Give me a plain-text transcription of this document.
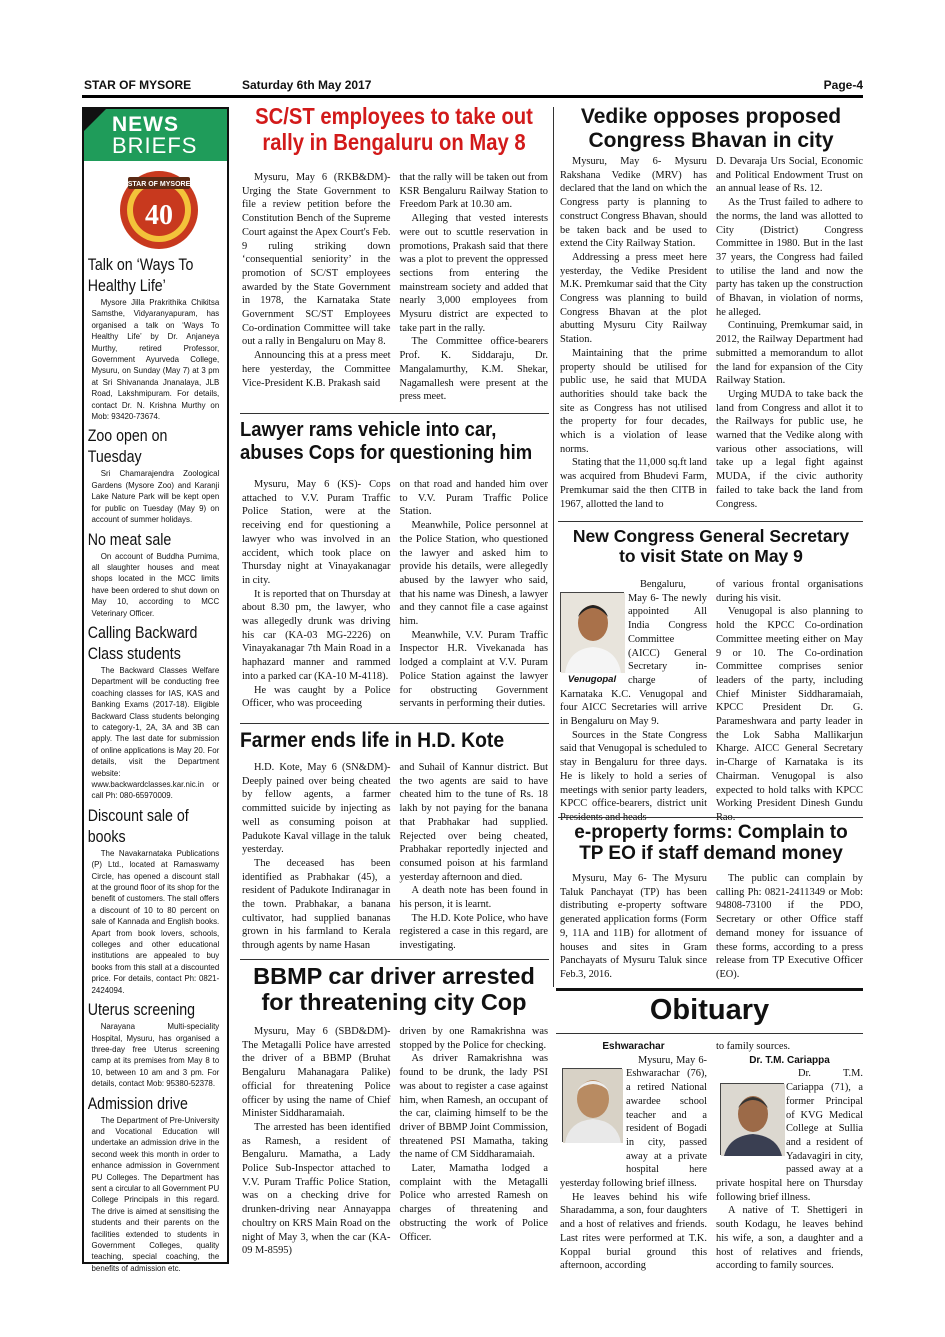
STAR OF MYSORE	Saturday 6th May 2017	Page-4
NEWS
BRIEFS
STAR OF MYSORE
40
Talk on ‘Ways To Healthy Life’
Mysore Jilla Prakrithika Chikitsa Samsthe, Vidyaranyapuram, has organised a talk on ‘Ways To Healthy Life’ by Dr. Anjaneya Murthy, retired Professor, Government Ayurveda College, Mysuru, on Sunday (May 7) at 3 pm at Sri Shivananda Jnanalaya, JLB Road, Lakshmipuram. For details, contact Dr. N. Krishna Murthy on Mob: 93420-73674.
Zoo open on Tuesday
Sri Chamarajendra Zoological Gardens (Mysore Zoo) and Karanji Lake Nature Park will be kept open for public on Tuesday (May 9) on account of summer holidays.
No meat sale
On account of Buddha Purnima, all slaughter houses and meat shops located in the MCC limits have been ordered to shut down on May 10, according to MCC Veterinary Officer.
Calling Backward Class students
The Backward Classes Welfare Department will be conducting free coaching classes for IAS, KAS and Banking Exams (2017-18). Eligible Backward Class students belonging to category-1, 2A, 3A and 3B can apply. The last date for submission of online applications is May 20. For details, visit the Department website: www.backwardclasses.kar.nic.in or call Ph: 080-65970009.
Discount sale of books
The Navakarnataka Publications (P) Ltd., located at Ramaswamy Circle, has opened a discount stall at the ground floor of its shop for the benefit of customers. The stall offers a discount of 10 to 80 percent on sale of Kannada and English books. Apart from book lovers, schools, colleges and other educational institutions are appealed to buy books from this stall at a discounted price. For details, contact Ph: 0821-2424094.
Uterus screening
Narayana Multi-speciality Hospital, Mysuru, has organised a three-day free Uterus screening camp at its premises from May 8 to 10, between 10 am and 3 pm. For details, contact Mob: 95380-52378.
Admission drive
The Department of Pre-University and Vocational Education will undertake an admission drive in the second week this month in order to enhance admission in Government PU Colleges. The Department has sent a circular to all Government PU College Principals in this regard. The drive is aimed at sensitising the students and their parents on the facilities extended to students in Government Colleges, quality teaching, special coaching, the benefits of admission etc.
SC/ST employees to take out
rally in Bengaluru on May 8

Mysuru, May 6 (RKB&DM)- Urging the State Government to file a review petition before the Constitution Bench of the Supreme Court against the Apex Court's Feb. 9 ruling striking down ‘consequential seniority’ in the promotion of SC/ST employees awarded by the State Government in 1978, the Karnataka State Government SC/ST Employees Co-ordination Committee will take out a rally in Bengaluru on May 8.

Announcing this at a press meet here yesterday, the Committee Vice-President K.B. Prakash said

that the rally will be taken out from KSR Bengaluru Railway Station to Freedom Park at 10.30 am.

Alleging that vested interests were out to scuttle reservation in promotions, Prakash said that there was a plot to prevent the oppressed sections from entering the mainstream society and added that nearly 3,000 employees from Mysuru district are expected to take part in the rally.

The Committee office-bearers Prof. K. Siddaraju, Dr. Mangalamurthy, K.M. Shekar, Nagamallesh were present at the press meet.

Lawyer rams vehicle into car,
abuses Cops for questioning him

Mysuru, May 6 (KS)- Cops attached to V.V. Puram Traffic Police Station, were at the receiving end for questioning a lawyer who was involved in an accident, which took place on Thursday night at Vinayakanagar in city.

It is reported that on Thursday at about 8.30 pm, the lawyer, who was allegedly drunk was driving his car (KA-03 MG-2226) on Vinayakanagar 7th Main Road in a haphazard manner and rammed into a parked car (KA-10 M-4118).

He was caught by a Police Officer, who was proceeding

on that road and handed him over to V.V. Puram Traffic Police Station.

Meanwhile, Police personnel at the Police Station, who questioned the lawyer and asked him to provide his details, were allegedly abused by the lawyer who said, that his name was Dinesh, a lawyer and they cannot file a case against him.

Meanwhile, V.V. Puram Traffic Inspector H.R. Vivekanada has lodged a complaint at V.V. Puram Police Station against the lawyer for obstructing Government servants in performing their duties.

Farmer ends life in H.D. Kote

H.D. Kote, May 6 (SN&DM)- Deeply pained over being cheated by fellow agents, a farmer committed suicide by injecting as well as consuming poison at Padukote Kaval village in the taluk yesterday.

The deceased has been identified as Prabhakar (45), a resident of Padukote Indiranagar in the town. Prabhakar, a banana cultivator, had supplied bananas grown in his farmland to Kerala through agents by name Hasan

and Suhail of Kannur district. But the two agents are said to have cheated him to the tune of Rs. 18 lakh by not paying for the banana that Prabhakar had supplied. Rejected over being cheated, Prabhakar reportedly injected and consumed poison at his farmland yesterday afternoon and died.

A death note has been found in his person, it is learnt.

The H.D. Kote Police, who have registered a case in this regard, are investigating.

BBMP car driver arrested
for threatening city Cop

Mysuru, May 6 (SBD&DM)- The Metagalli Police have arrested the driver of a BBMP (Bruhat Bengaluru Mahanagara Palike) official for threatening Police officer by using the name of Chief Minister Siddharamaiah.

The arrested has been identified as Ramesh, a resident of Bengaluru. Mamatha, a Lady Police Sub-Inspector attached to V.V. Puram Traffic Police Station, was on a checking drive for drunken-driving near Annayappa choultry on KRS Main Road on the night of May 3, when the car (KA-09 M-8595)

driven by one Ramakrishna was stopped by the Police for checking.

As driver Ramakrishna was found to be drunk, the lady PSI was about to register a case against him, when Ramesh, an occupant of the car, claiming himself to be the driver of BBMP Joint Commission, threatened PSI Mamatha, taking the name of CM Siddharamaiah.

Later, Mamatha lodged a complaint with the Metagalli Police who arrested Ramesh on charges of threatening and obstructing the work of Police Officer.

Vedike opposes proposed
Congress Bhavan in city

Mysuru, May 6- Mysuru Rakshana Vedike (MRV) has declared that the land on which the Congress party is planning to construct Congress Bhavan, should be taken back and be used to extend the City Railway Station.

Addressing a press meet here yesterday, the Vedike President M.K. Premkumar said that the City Congress was planning to build Congress Bhavan at the plot abutting Mysuru City Railway Station.

Maintaining that the prime property should be utilised for public use, he said that MUDA authorities should take back the site as Congress has not utilised the property for four decades, which is a violation of lease norms.

Stating that the 11,000 sq.ft land was acquired from Bhudevi Farm, Premkumar said the then CITB in 1967, allotted the land to

D. Devaraja Urs Social, Economic and Political Endowment Trust on an annual lease of Rs. 12.

As the Trust failed to adhere to the norms, the land was allotted to City (District) Congress Committee in 1980. But in the last 37 years, the Congress had failed to utilise the land and now the party has taken up the construction of Bhavan, in violation of norms, he alleged.

Continuing, Premkumar said, in 2012, the Railway Department had submitted a memorandum to allot the land for expansion of the City Railway Station.

Urging MUDA to take back the land from Congress and allot it to the Railways for public use, he warned that the Vedike along with various other associations, will take up a legal fight against MUDA, if the civic authority failed to take back the land from Congress.

New Congress General Secretary
to visit State on May 9
Venugopal

Bengaluru, May 6- The newly appointed All India Congress Committee (AICC) General Secretary in-charge of Karnataka K.C. Venugopal and four AICC Secretaries will arrive in Bengaluru on May 9.

Sources in the State Congress said that Venugopal is scheduled to stay in Bengaluru for three days. He is likely to hold a series of meetings with senior party leaders, KPCC office-bearers, district unit Presidents and heads

of various frontal organisations during his visit.

Venugopal is also planning to hold the KPCC Co-ordination Committee meeting either on May 9 or 10. The Co-ordination Committee comprises senior leaders of the party, including Chief Minister Siddharamaiah, KPCC President Dr. G. Parameshwara and party leader in the Lok Sabha Mallikarjun Kharge. AICC General Secretary in-Charge of Karnataka is its Chairman. Venugopal is also expected to hold talks with KPCC Working President Dinesh Gundu Rao.

e-property forms: Complain to
TP EO if staff demand money

Mysuru, May 6- The Mysuru Taluk Panchayat (TP) has been distributing e-property software generated application forms (Form 9, 11A and 11B) for allotment of houses and sites in Gram Panchayats of Mysuru Taluk since Feb.3, 2016.

The public can complain by calling Ph: 0821-2411349 or Mob: 94808-73100 if the PDO, Secretary or other Office staff demand money for issuance of these forms, according to a press release from TP Executive Officer (EO).

Obituary
Eshwarachar

Mysuru, May 6- Eshwarachar (76), a retired National awardee school teacher and a resident of Bogadi in city, passed away at a private hospital here yesterday following brief illness.

He leaves behind his wife Sharadamma, a son, four daughters and a host of relatives and friends. Last rites were performed at T.K. Koppal burial ground this afternoon, according

to family sources.

Dr. T.M. Cariappa

Dr. T.M. Cariappa (71), a former Principal of KVG Medical College at Sullia and a resident of Yadavagiri in city, passed away at a private hospital here on Thursday following brief illness.

A native of T. Shettigeri in south Kodagu, he leaves behind his wife, a son, a daughter and a host of relatives and friends, according to family sources.
